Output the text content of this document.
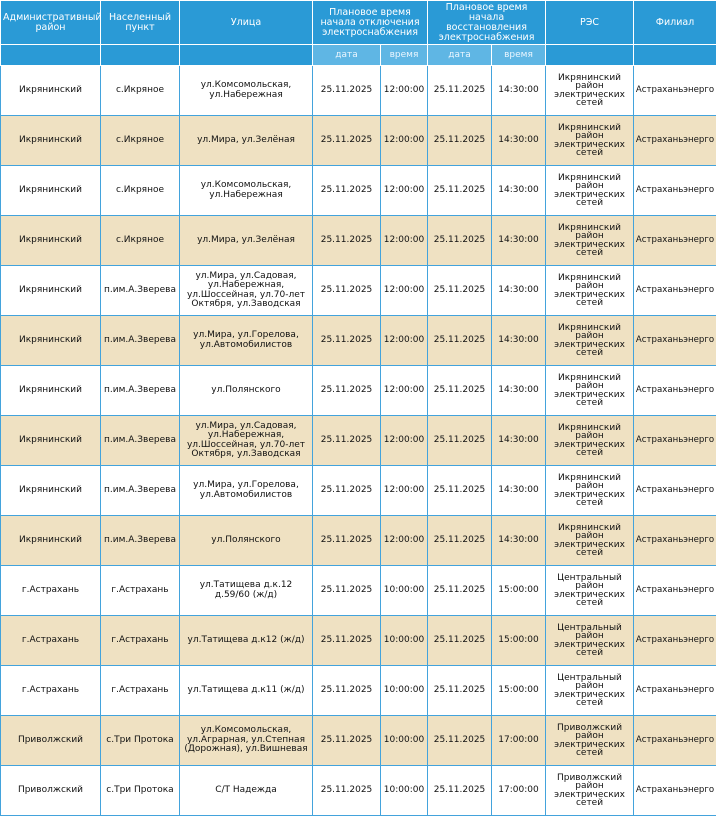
Административный район	Населенный пункт	Улица	Плановое время начала отключения электроснабжения		Плановое время начала восстановления электроснабжения		РЭС	Филиал
			дата	время	дата	время		
Икрянинский	с.Икряное	ул.Комсомольская, ул.Набережная	25.11.2025	12:00:00	25.11.2025	14:30:00	Икрянинский район электрических сетей	Астраханьэнерго
Икрянинский	с.Икряное	ул.Мира, ул.Зелёная	25.11.2025	12:00:00	25.11.2025	14:30:00	Икрянинский район электрических сетей	Астраханьэнерго
Икрянинский	с.Икряное	ул.Комсомольская, ул.Набережная	25.11.2025	12:00:00	25.11.2025	14:30:00	Икрянинский район электрических сетей	Астраханьэнерго
Икрянинский	с.Икряное	ул.Мира, ул.Зелёная	25.11.2025	12:00:00	25.11.2025	14:30:00	Икрянинский район электрических сетей	Астраханьэнерго
Икрянинский	п.им.А.Зверева	ул.Мира, ул.Садовая, ул.Набережная, ул.Шоссейная, ул.70-лет Октября, ул.Заводская	25.11.2025	12:00:00	25.11.2025	14:30:00	Икрянинский район электрических сетей	Астраханьэнерго
Икрянинский	п.им.А.Зверева	ул.Мира, ул.Горелова, ул.Автомобилистов	25.11.2025	12:00:00	25.11.2025	14:30:00	Икрянинский район электрических сетей	Астраханьэнерго
Икрянинский	п.им.А.Зверева	ул.Полянского	25.11.2025	12:00:00	25.11.2025	14:30:00	Икрянинский район электрических сетей	Астраханьэнерго
Икрянинский	п.им.А.Зверева	ул.Мира, ул.Садовая, ул.Набережная, ул.Шоссейная, ул.70-лет Октября, ул.Заводская	25.11.2025	12:00:00	25.11.2025	14:30:00	Икрянинский район электрических сетей	Астраханьэнерго
Икрянинский	п.им.А.Зверева	ул.Мира, ул.Горелова, ул.Автомобилистов	25.11.2025	12:00:00	25.11.2025	14:30:00	Икрянинский район электрических сетей	Астраханьэнерго
Икрянинский	п.им.А.Зверева	ул.Полянского	25.11.2025	12:00:00	25.11.2025	14:30:00	Икрянинский район электрических сетей	Астраханьэнерго
г.Астрахань	г.Астрахань	ул.Татищева д.к.12 д.59/60 (ж/д)	25.11.2025	10:00:00	25.11.2025	15:00:00	Центральный район электрических сетей	Астраханьэнерго
г.Астрахань	г.Астрахань	ул.Татищева д.к12 (ж/д)	25.11.2025	10:00:00	25.11.2025	15:00:00	Центральный район электрических сетей	Астраханьэнерго
г.Астрахань	г.Астрахань	ул.Татищева д.к11 (ж/д)	25.11.2025	10:00:00	25.11.2025	15:00:00	Центральный район электрических сетей	Астраханьэнерго
Приволжский	с.Три Протока	ул.Комсомольская, ул.Аграрная, ул.Степная (Дорожная), ул.Вишневая	25.11.2025	10:00:00	25.11.2025	17:00:00	Приволжский район электрических сетей	Астраханьэнерго
Приволжский	с.Три Протока	С/Т Надежда	25.11.2025	10:00:00	25.11.2025	17:00:00	Приволжский район электрических сетей	Астраханьэнерго
